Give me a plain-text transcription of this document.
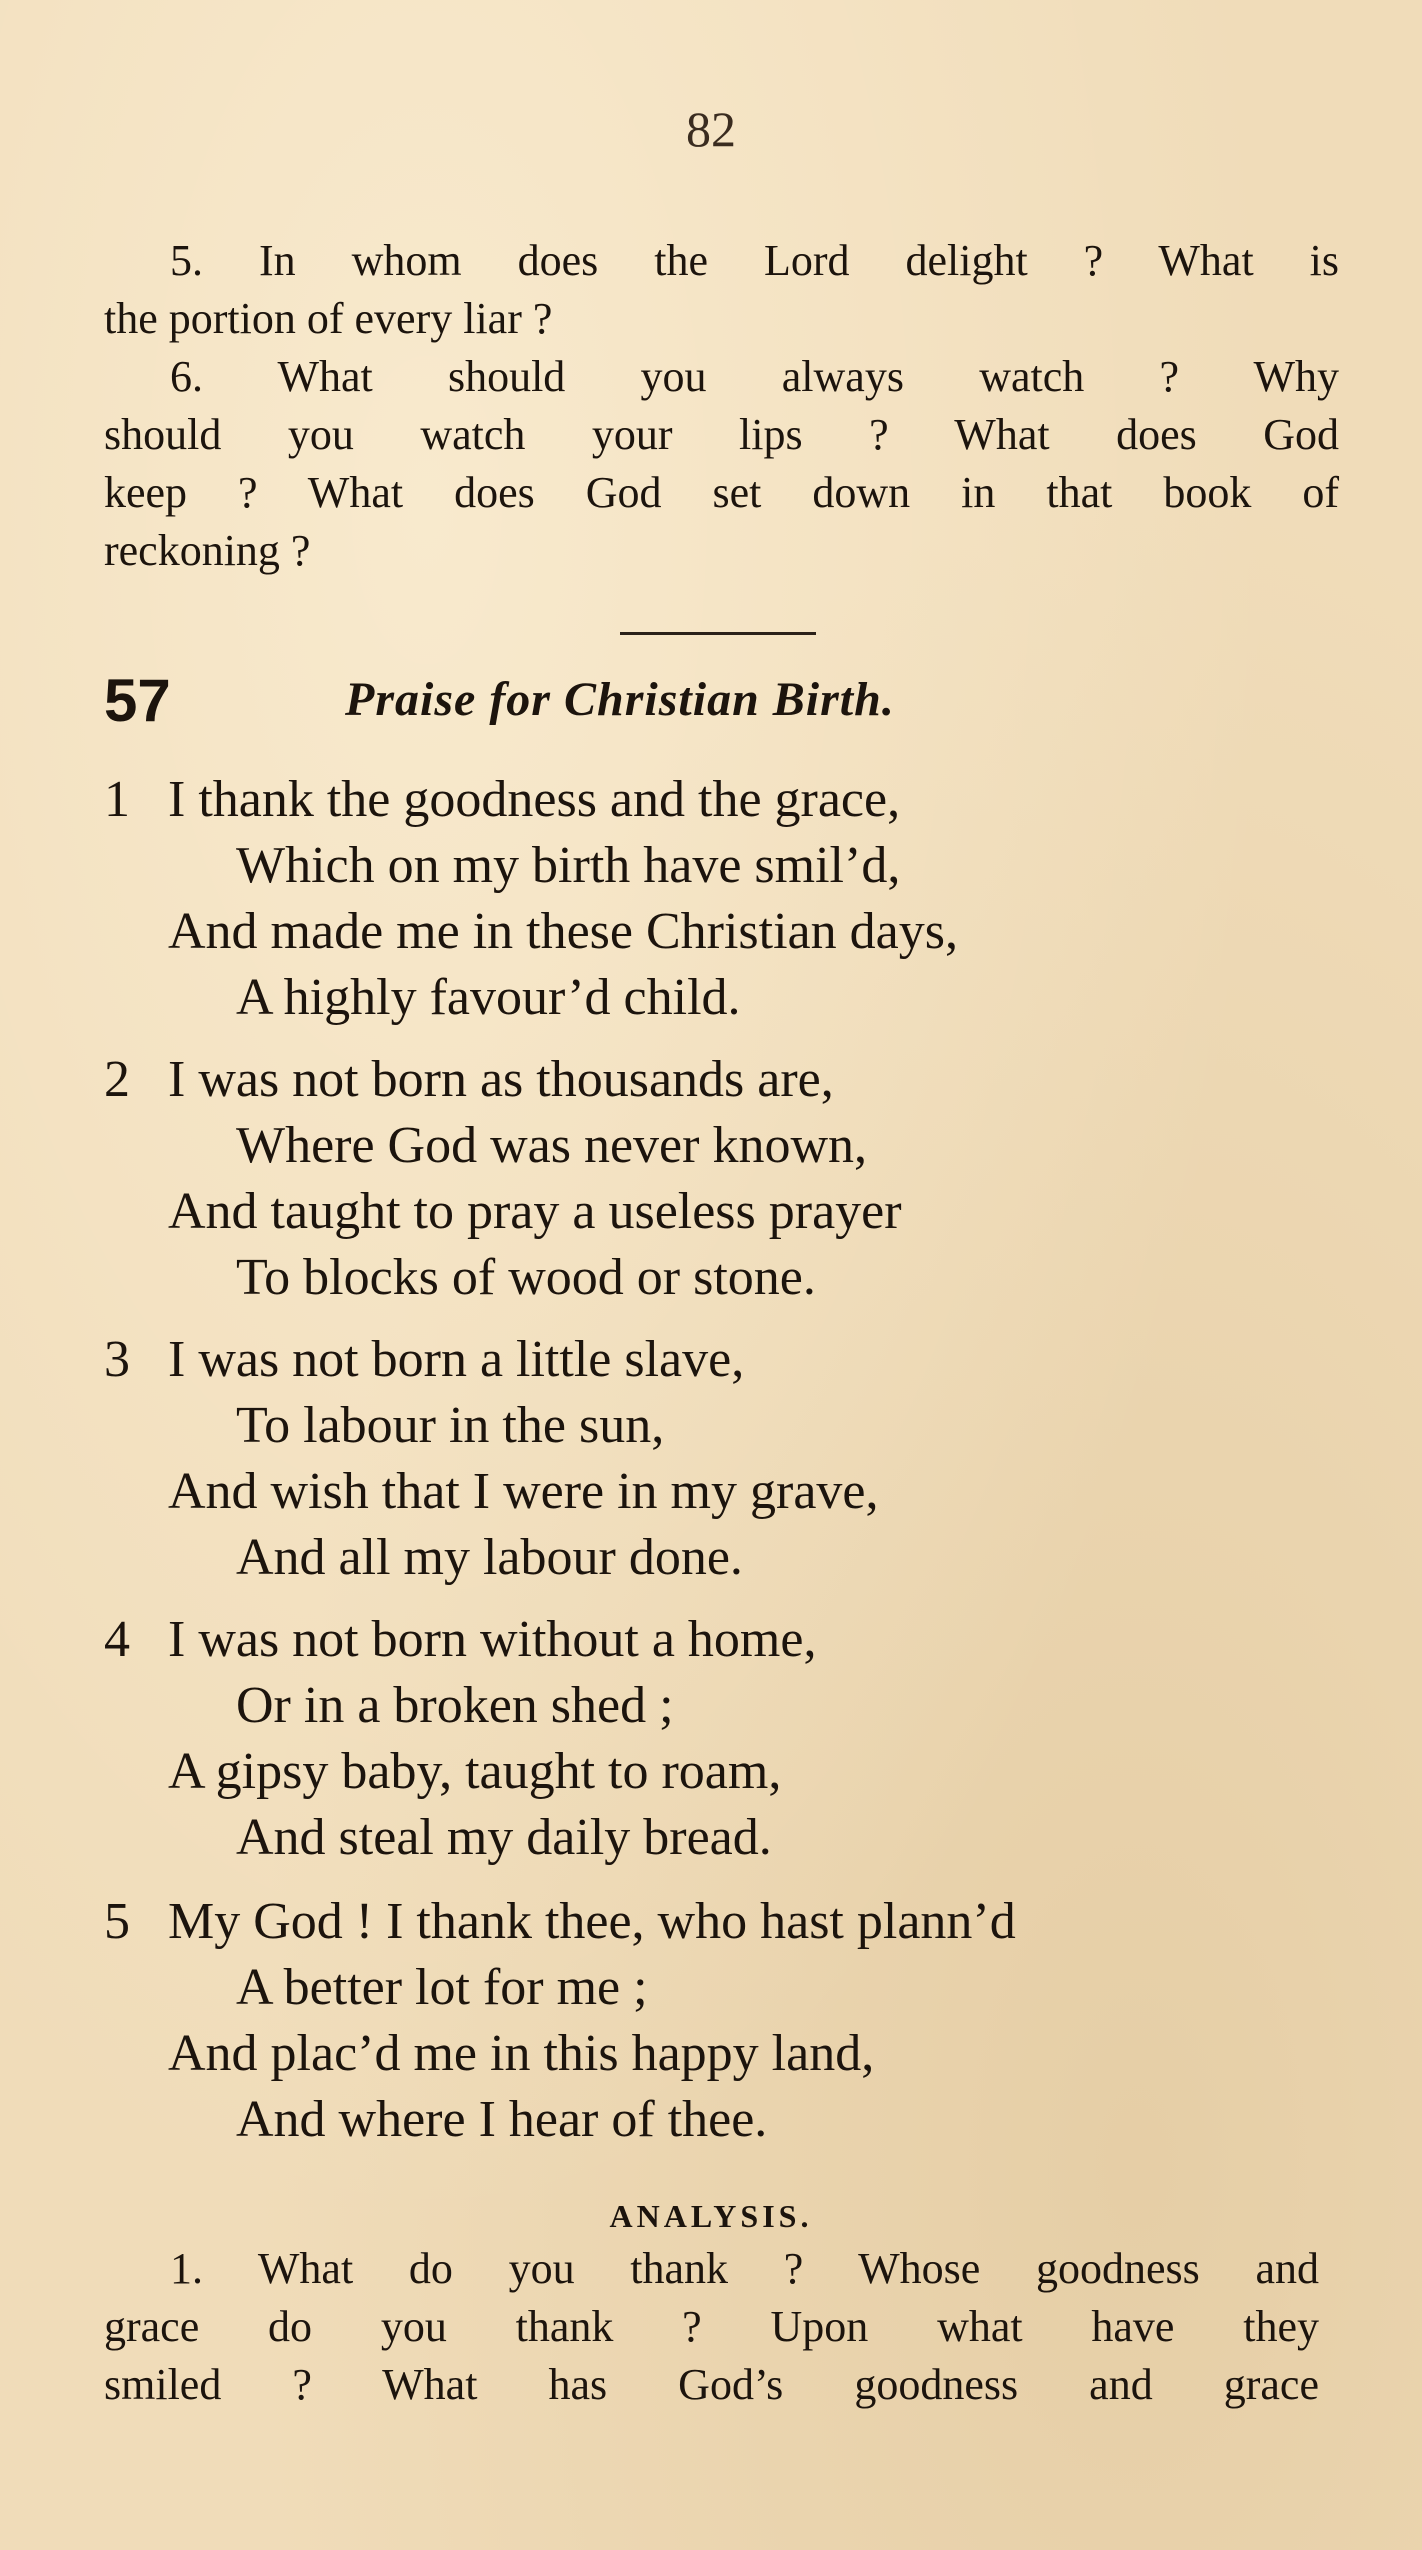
82
5. In whom does the Lord delight ? What is
the portion of every liar ?
6. What should you always watch ? Why
should you watch your lips ? What does God
keep ? What does God set down in that book of
reckoning ?
57	Praise for Christian Birth.
1 I thank the goodness and the grace,
Which on my birth have smil’d,
And made me in these Christian days,
A highly favour’d child.
2 I was not born as thousands are,
Where God was never known,
And taught to pray a useless prayer
To blocks of wood or stone.
3 I was not born a little slave,
To labour in the sun,
And wish that I were in my grave,
And all my labour done.
4 I was not born without a home,
Or in a broken shed ;
A gipsy baby, taught to roam,
And steal my daily bread.
5 My God ! I thank thee, who hast plann’d
A better lot for me ;
And plac’d me in this happy land,
And where I hear of thee.
ANALYSIS.
1. What do you thank ? Whose goodness and
grace do you thank ? Upon what have they
smiled ? What has God’s goodness and grace
